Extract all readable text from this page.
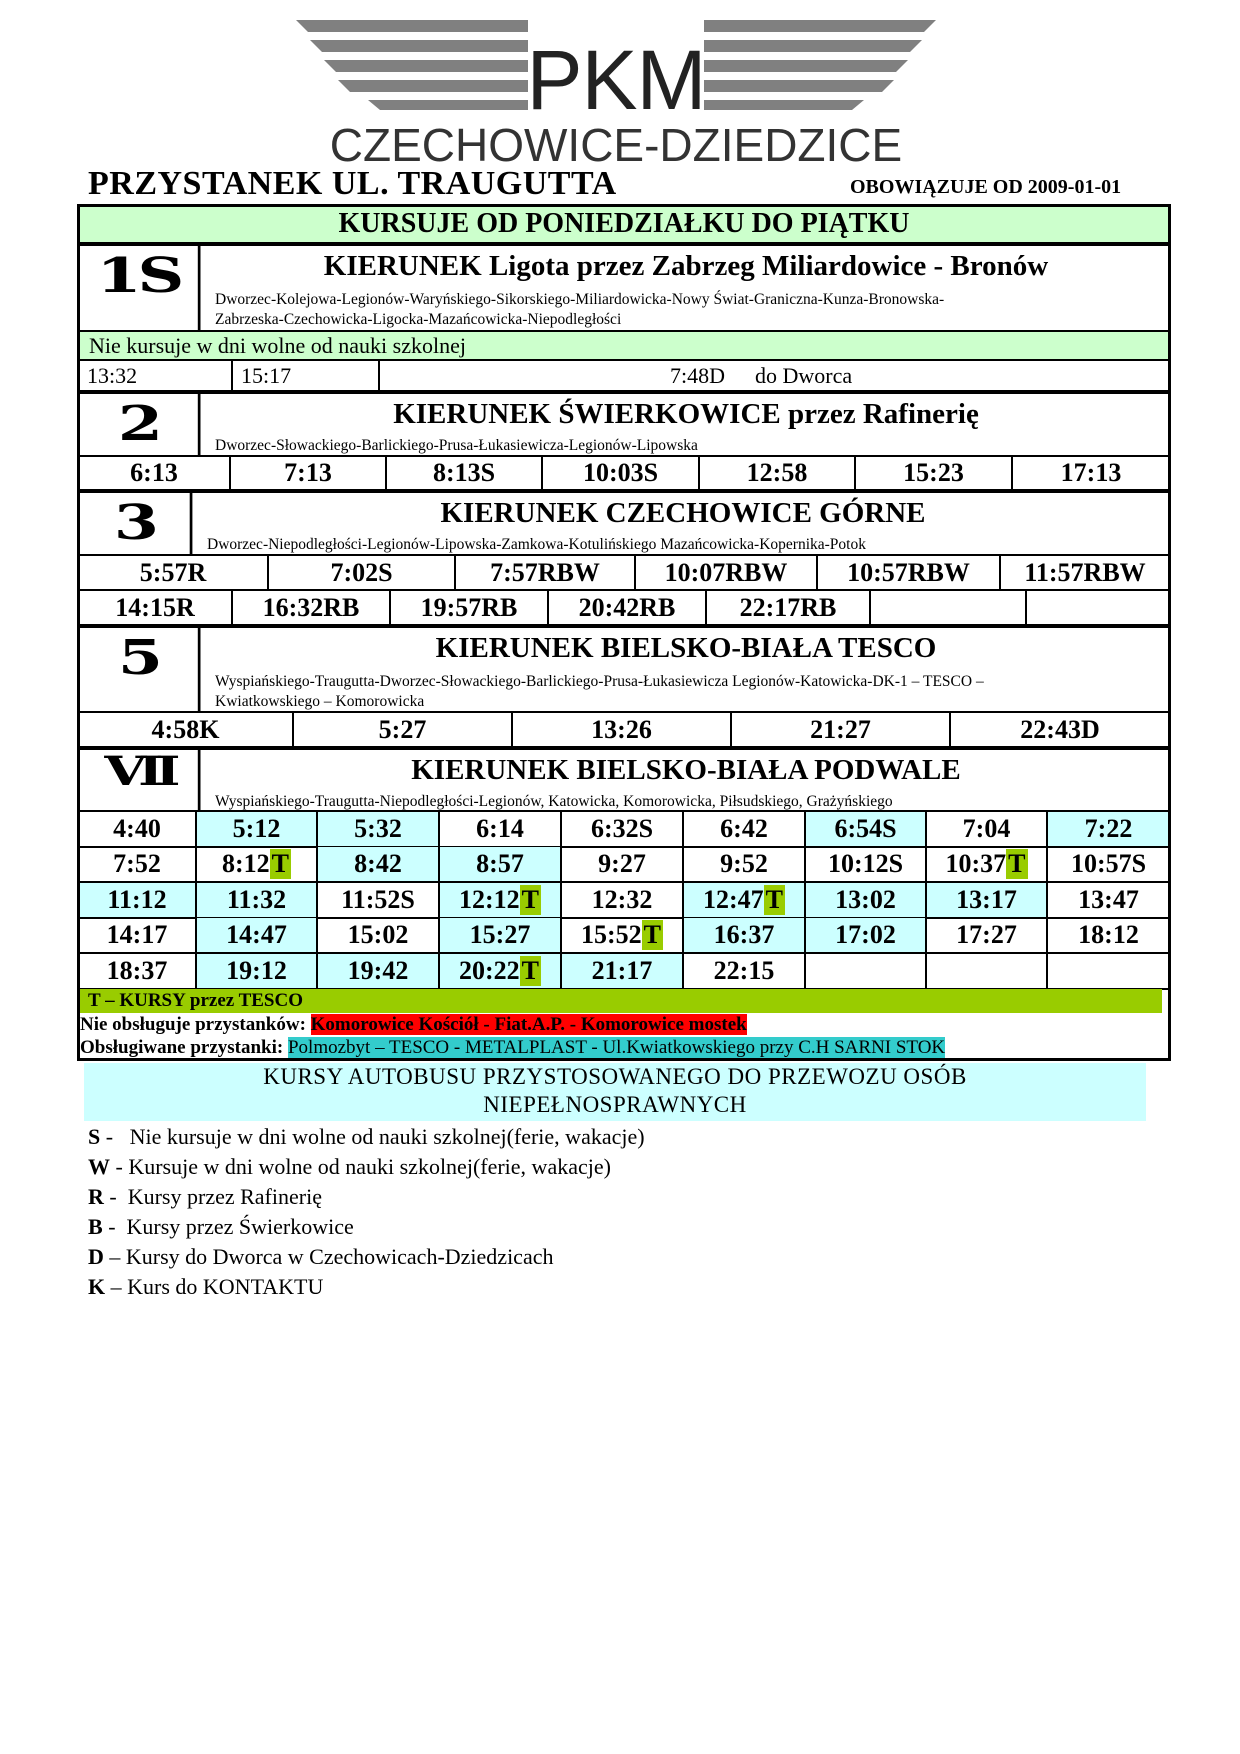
PKM
CZECHOWICE-DZIEDZICE
PRZYSTANEK UL. TRAUGUTTA	OBOWIĄZUJE OD 2009-01-01
KURSUJE OD PONIEDZIAŁKU DO PIĄTKU
1S	KIERUNEK Ligota przez Zabrzeg Miliardowice - Bronów
Dworzec-Kolejowa-Legionów-Waryńskiego-Sikorskiego-Miliardowicka-Nowy Świat-Graniczna-Kunza-Bronowska-
Zabrzeska-Czechowicka-Ligocka-Mazańcowicka-Niepodległości
Nie kursuje w dni wolne od nauki szkolnej
13:32	15:17	7:48D do Dworca
2	KIERUNEK ŚWIERKOWICE przez Rafinerię
Dworzec-Słowackiego-Barlickiego-Prusa-Łukasiewicza-Legionów-Lipowska
6:13	7:13	8:13S	10:03S	12:58	15:23	17:13
3	KIERUNEK CZECHOWICE GÓRNE
Dworzec-Niepodległości-Legionów-Lipowska-Zamkowa-Kotulińskiego Mazańcowicka-Kopernika-Potok
5:57R	7:02S	7:57RBW	10:07RBW	10:57RBW	11:57RBW
14:15R	16:32RB	19:57RB	20:42RB	22:17RB
5	KIERUNEK BIELSKO-BIAŁA TESCO
Wyspiańskiego-Traugutta-Dworzec-Słowackiego-Barlickiego-Prusa-Łukasiewicza Legionów-Katowicka-DK-1 – TESCO –
Kwiatkowskiego – Komorowicka
4:58K	5:27	13:26	21:27	22:43D
VII	KIERUNEK BIELSKO-BIAŁA PODWALE
Wyspiańskiego-Traugutta-Niepodległości-Legionów, Katowicka, Komorowicka, Piłsudskiego, Grażyńskiego
4:40	5:12	5:32	6:14	6:32S	6:42	6:54S	7:04	7:22
7:52 8:12 T	8:42	8:57	9:27	9:52 10:12S 10:37 T 10:57S
11:12 11:32 11:52S 12:12 T 12:32 12:47 T 13:02 13:17 13:47
14:17 14:47 15:02 15:27 15:52 T 16:37 17:02 17:27 18:12
18:37 19:12 19:42 20:22 T 21:17 22:15
T – KURSY przez TESCO
Nie obsługuje przystanków: Komorowice Kościół - Fiat.A.P. - Komorowice mostek
Obsługiwane przystanki: Polmozbyt – TESCO - METALPLAST - Ul.Kwiatkowskiego przy C.H SARNI STOK
KURSY AUTOBUSU PRZYSTOSOWANEGO DO PRZEWOZU OSÓB
NIEPEŁNOSPRAWNYCH
S -   Nie kursuje w dni wolne od nauki szkolnej(ferie, wakacje)
W - Kursuje w dni wolne od nauki szkolnej(ferie, wakacje)
R -  Kursy przez Rafinerię
B -  Kursy przez Świerkowice
D – Kursy do Dworca w Czechowicach-Dziedzicach
K – Kurs do KONTAKTU
